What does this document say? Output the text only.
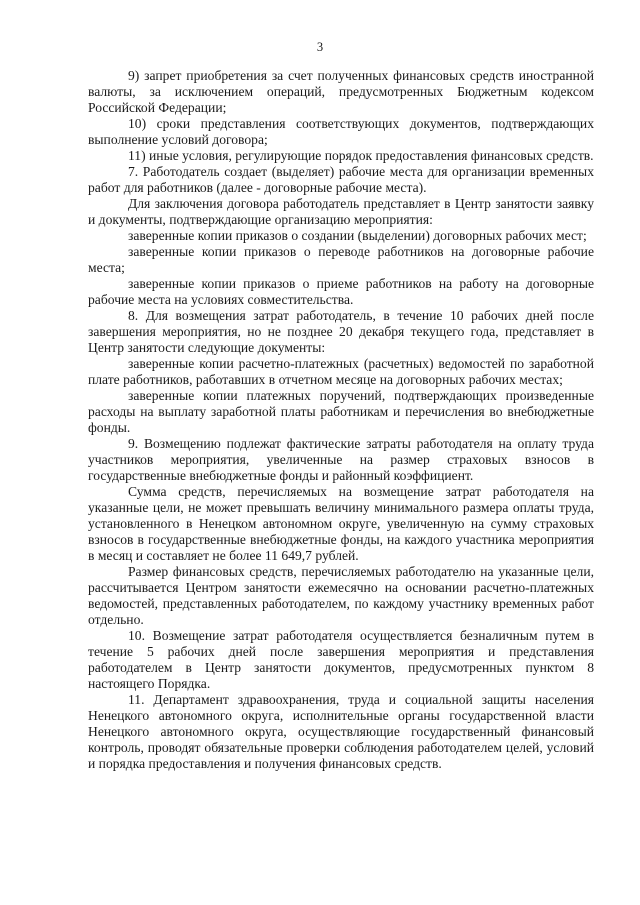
3

9) запрет приобретения за счет полученных финансовых средств иностранной валюты, за исключением операций, предусмотренных Бюджетным кодексом Российской Федерации;

10) сроки представления соответствующих документов, подтверждающих выполнение условий договора;

11) иные условия, регулирующие порядок предоставления финансовых средств.

7. Работодатель создает (выделяет) рабочие места для организации временных работ для работников (далее - договорные рабочие места).

Для заключения договора работодатель представляет в Центр занятости заявку и документы, подтверждающие организацию мероприятия:

заверенные копии приказов о создании (выделении) договорных рабочих мест;

заверенные копии приказов о переводе работников на договорные рабочие места;

заверенные копии приказов о приеме работников на работу на договорные рабочие места на условиях совместительства.

8. Для возмещения затрат работодатель, в течение 10 рабочих дней после завершения мероприятия, но не позднее 20 декабря текущего года, представляет в Центр занятости следующие документы:

заверенные копии расчетно-платежных (расчетных) ведомостей по заработной плате работников, работавших в отчетном месяце на договорных рабочих местах;

заверенные копии платежных поручений, подтверждающих произведенные расходы на выплату заработной платы работникам и перечисления во внебюджетные фонды.

9. Возмещению подлежат фактические затраты работодателя на оплату труда участников мероприятия, увеличенные на размер страховых взносов в государственные внебюджетные фонды и районный коэффициент.

Сумма средств, перечисляемых на возмещение затрат работодателя на указанные цели, не может превышать величину минимального размера оплаты труда, установленного в Ненецком автономном округе, увеличенную на сумму страховых взносов в государственные внебюджетные фонды, на каждого участника мероприятия в месяц и составляет не более 11 649,7 рублей.

Размер финансовых средств, перечисляемых работодателю на указанные цели, рассчитывается Центром занятости ежемесячно на основании расчетно-платежных ведомостей, представленных работодателем, по каждому участнику временных работ отдельно.

10. Возмещение затрат работодателя осуществляется безналичным путем в течение 5 рабочих дней после завершения мероприятия и представления работодателем в Центр занятости документов, предусмотренных пунктом 8 настоящего Порядка.

11. Департамент здравоохранения, труда и социальной защиты населения Ненецкого автономного округа, исполнительные органы государственной власти Ненецкого автономного округа, осуществляющие государственный финансовый контроль, проводят обязательные проверки соблюдения работодателем целей, условий и порядка предоставления и получения финансовых средств.
